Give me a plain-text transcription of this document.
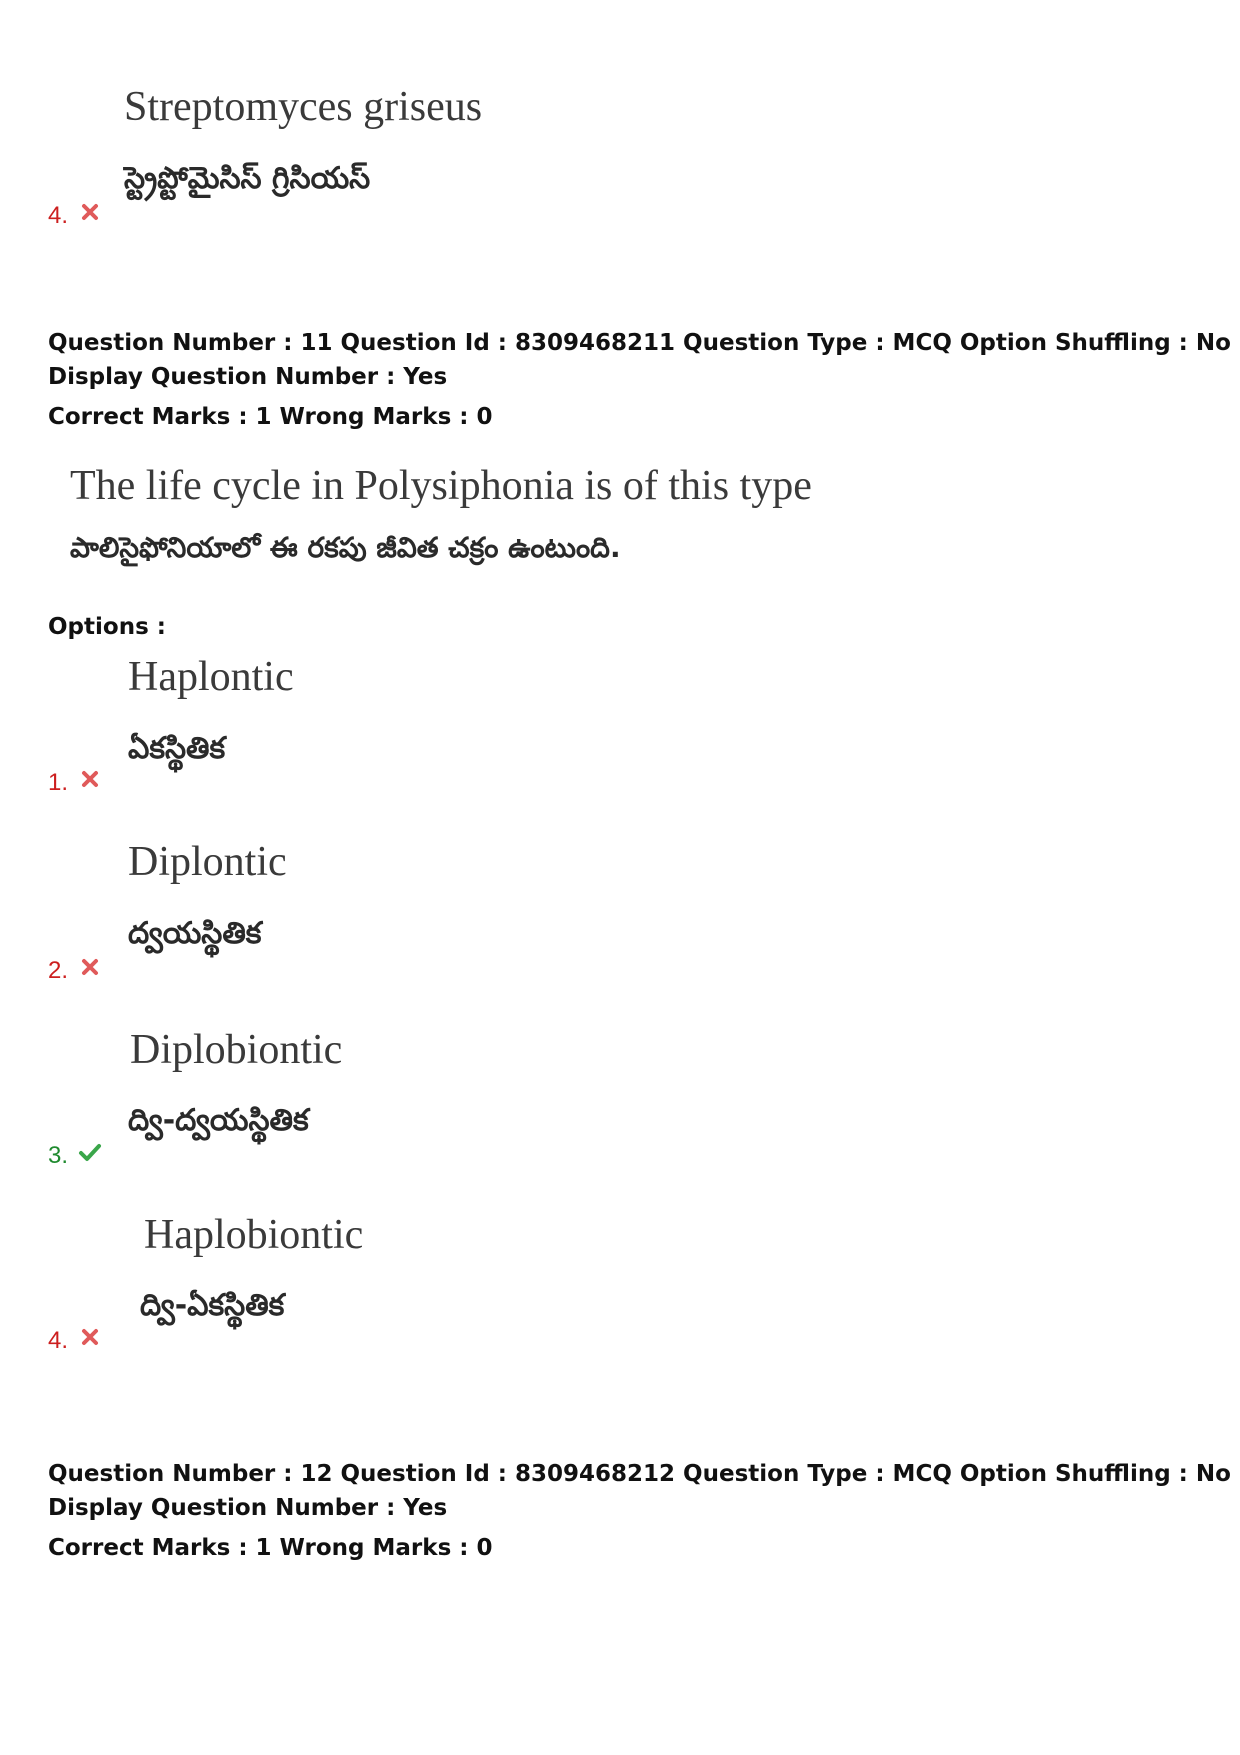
Streptomyces griseus
స్ట్రెప్టోమైసిస్ గ్రిసియస్
4.
Question Number : 11 Question Id : 8309468211 Question Type : MCQ Option Shuffling : No
Display Question Number : Yes
Correct Marks : 1 Wrong Marks : 0
The life cycle in Polysiphonia is of this type
పాలిసైఫోనియాలో ఈ రకపు జీవిత చక్రం ఉంటుంది.
Options :
Haplontic
ఏకస్థితిక
1.
Diplontic
ద్వయస్థితిక
2.
Diplobiontic
ద్వి-ద్వయస్థితిక
3.
Haplobiontic
ద్వి-ఏకస్థితిక
4.
Question Number : 12 Question Id : 8309468212 Question Type : MCQ Option Shuffling : No
Display Question Number : Yes
Correct Marks : 1 Wrong Marks : 0
